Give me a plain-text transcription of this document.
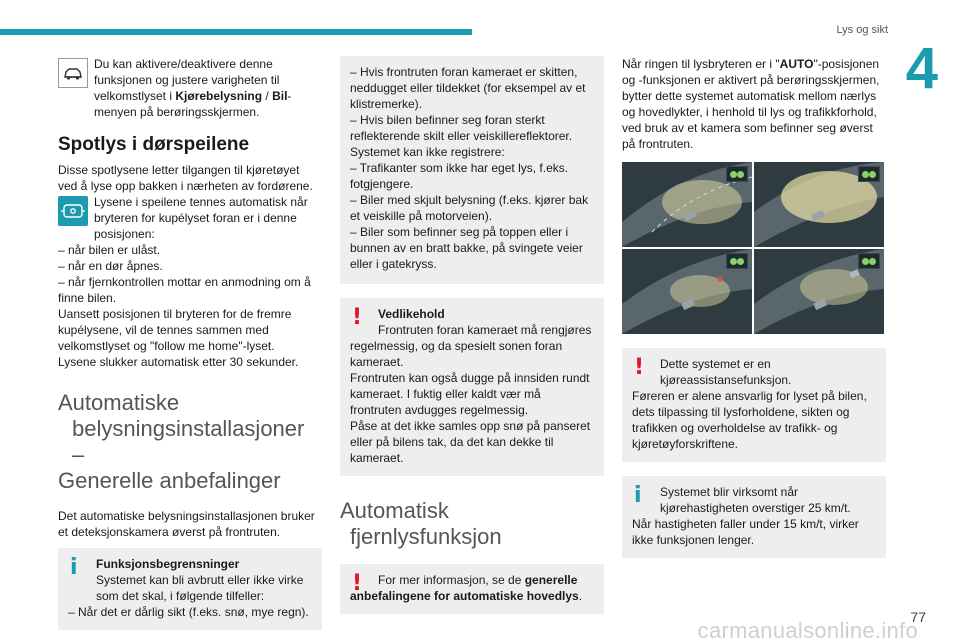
Lys og sikt
4

Du kan aktivere/deaktivere denne funksjonen og justere varigheten til velkomstlyset i Kjørebelysning / Bil-menyen på berøringsskjermen.

Spotlys i dørspeilene

Disse spotlysene letter tilgangen til kjøretøyet ved å lyse opp bakken i nærheten av fordørene.

Lysene i speilene tennes automatisk når bryteren for kupélyset foran er i denne posisjonen:

– når bilen er ulåst.

– når en dør åpnes.

– når fjernkontrollen mottar en anmodning om å finne bilen.

Uansett posisjonen til bryteren for de fremre kupélysene, vil de tennes sammen med velkomstlyset og "follow me home"-lyset.

Lysene slukker automatisk etter 30 sekunder.

Automatiske
belysningsinstallasjoner –
Generelle anbefalinger

Det automatiske belysningsinstallasjonen bruker et deteksjonskamera øverst på frontruten.

i Funksjonsbegrensninger

Systemet kan bli avbrutt eller ikke virke som det skal, i følgende tilfeller:

– Når det er dårlig sikt (f.eks. snø, mye regn).

– Hvis frontruten foran kameraet er skitten, neddugget eller tildekket (for eksempel av et klistremerke).

– Hvis bilen befinner seg foran sterkt reflekterende skilt eller veiskillereflektorer.

Systemet kan ikke registrere:

– Trafikanter som ikke har eget lys, f.eks. fotgjengere.

– Biler med skjult belysning (f.eks. kjører bak et veiskille på motorveien).

– Biler som befinner seg på toppen eller i bunnen av en bratt bakke, på svingete veier eller i gatekryss.

! Vedlikehold

Frontruten foran kameraet må rengjøres regelmessig, og da spesielt sonen foran kameraet.

Frontruten kan også dugge på innsiden rundt kameraet. I fuktig eller kaldt vær må frontruten avdugges regelmessig.

Påse at det ikke samles opp snø på panseret eller på bilens tak, da det kan dekke til kameraet.

Automatisk
fjernlysfunksjon
!	For mer informasjon, se de generelle anbefalingene for automatiske hovedlys.

Når ringen til lysbryteren er i "AUTO"-posisjonen og -funksjonen er aktivert på berøringsskjermen, bytter dette systemet automatisk mellom nærlys og hovedlykter, i henhold til lys og trafikkforhold, ved bruk av et kamera som befinner seg øverst på frontruten.

! Dette systemet er en kjøreassistansefunksjon.

Føreren er alene ansvarlig for lyset på bilen, dets tilpassing til lysforholdene, sikten og trafikken og overholdelse av trafikk- og kjøretøyforskriftene.

i Systemet blir virksomt når kjørehastigheten overstiger 25 km/t.

Når hastigheten faller under 15 km/t, virker ikke funksjonen lenger.

carmanualsonline.info
77
